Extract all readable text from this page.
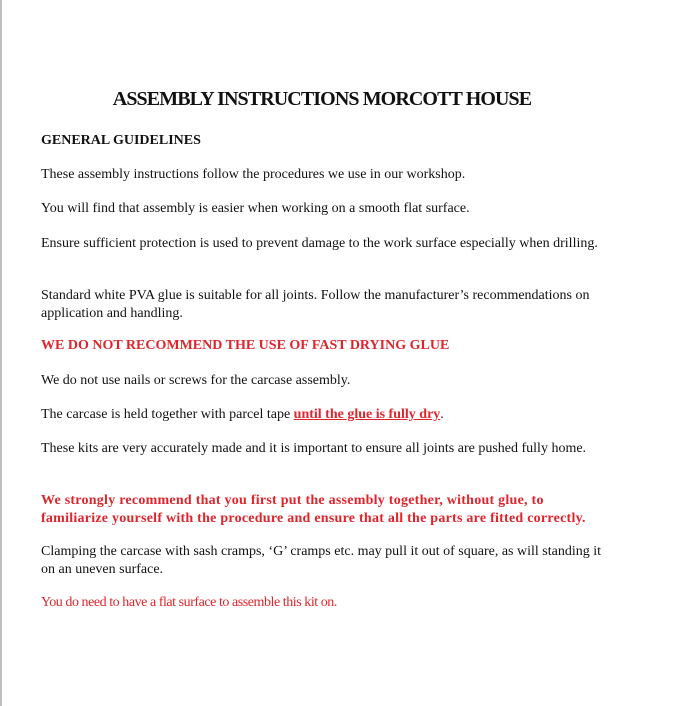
ASSEMBLY INSTRUCTIONS MORCOTT HOUSE

GENERAL GUIDELINES

These assembly instructions follow the procedures we use in our workshop.

You will find that assembly is easier when working on a smooth flat surface.

Ensure sufficient protection is used to prevent damage to the work surface especially when drilling.

Standard white PVA glue is suitable for all joints. Follow the manufacturer’s recommendations on application and handling.

WE DO NOT RECOMMEND THE USE OF FAST DRYING GLUE

We do not use nails or screws for the carcase assembly.

The carcase is held together with parcel tape until the glue is fully dry.

These kits are very accurately made and it is important to ensure all joints are pushed fully home.

We strongly recommend that you first put the assembly together, without glue, to familiarize yourself with the procedure and ensure that all the parts are fitted correctly.

Clamping the carcase with sash cramps, ‘G’ cramps etc. may pull it out of square, as will standing it on an uneven surface.

You do need to have a flat surface to assemble this kit on.
